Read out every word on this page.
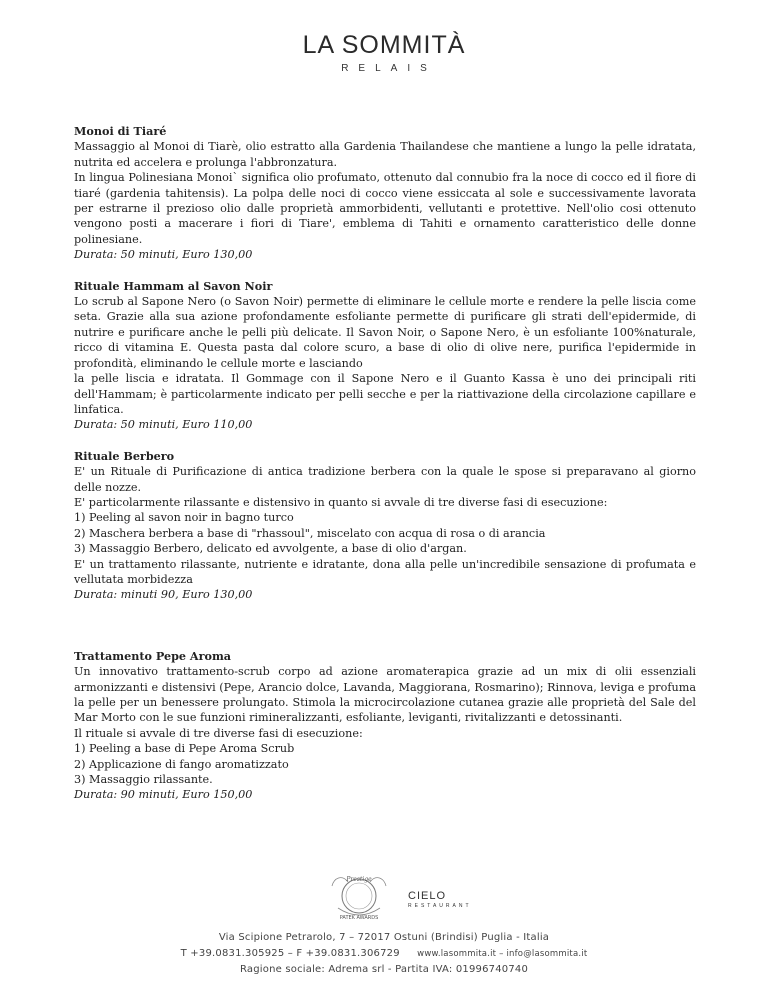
LA SOMMITÀ
RELAIS
Monoi di Tiaré

Massaggio al Monoi di Tiarè, olio estratto alla Gardenia Thailandese che mantiene a lungo la pelle idratata, nutrita ed accelera e prolunga l'abbronzatura.

In lingua Polinesiana Monoi` significa olio profumato, ottenuto dal connubio fra la noce di cocco ed il fiore di tiaré (gardenia tahitensis). La polpa delle noci di cocco viene essiccata al sole e successivamente lavorata per estrarne il prezioso olio dalle proprietà ammorbidenti, vellutanti e protettive. Nell'olio cosi ottenuto vengono posti a macerare i fiori di Tiare', emblema di Tahiti e ornamento caratteristico delle donne polinesiane.

Durata: 50 minuti, Euro 130,00

Rituale Hammam al Savon Noir

Lo scrub al Sapone Nero (o Savon Noir) permette di eliminare le cellule morte e rendere la pelle liscia come seta. Grazie alla sua azione profondamente esfoliante permette di purificare gli strati dell'epidermide, di nutrire e purificare anche le pelli più delicate. Il Savon Noir, o Sapone Nero, è un esfoliante 100%naturale, ricco di vitamina E. Questa pasta dal colore scuro, a base di olio di olive nere, purifica l'epidermide in profondità, eliminando le cellule morte e lasciando

la pelle liscia e idratata. Il Gommage con il Sapone Nero e il Guanto Kassa è uno dei principali riti dell'Hammam; è particolarmente indicato per pelli secche e per la riattivazione della circolazione capillare e linfatica.

Durata: 50 minuti, Euro 110,00

Rituale Berbero

E' un Rituale di Purificazione di antica tradizione berbera con la quale le spose si preparavano al giorno delle nozze.

E' particolarmente rilassante e distensivo in quanto si avvale di tre diverse fasi di esecuzione:

1) Peeling al savon noir in bagno turco

2) Maschera berbera a base di "rhassoul", miscelato con acqua di rosa o di arancia

3) Massaggio Berbero, delicato ed avvolgente, a base di olio d'argan.

E' un trattamento rilassante, nutriente e idratante, dona alla pelle un'incredibile sensazione di profumata e vellutata morbidezza

Durata: minuti 90, Euro 130,00

Trattamento Pepe Aroma

Un innovativo trattamento-scrub corpo ad azione aromaterapica grazie ad un mix di olii essenziali armonizzanti e distensivi (Pepe, Arancio dolce, Lavanda, Maggiorana, Rosmarino); Rinnova, leviga e profuma la pelle per un benessere prolungato. Stimola la microcircolazione cutanea grazie alle proprietà del Sale del Mar Morto con le sue funzioni rimineralizzanti, esfoliante, leviganti, rivitalizzanti e detossinanti.

Il rituale si avvale di tre diverse fasi di esecuzione:

1) Peeling a base di Pepe Aroma Scrub

2) Applicazione di fango aromatizzato

3) Massaggio rilassante.

Durata: 90 minuti, Euro 150,00

Prestige
PATEK AWARDS
CIELO
RESTAURANT
Via Scipione Petrarolo, 7 – 72017 Ostuni (Brindisi) Puglia - Italia
T +39.0831.305925 – F +39.0831.306729 www.lasommita.it – info@lasommita.it
Ragione sociale: Adrema srl - Partita IVA: 01996740740
